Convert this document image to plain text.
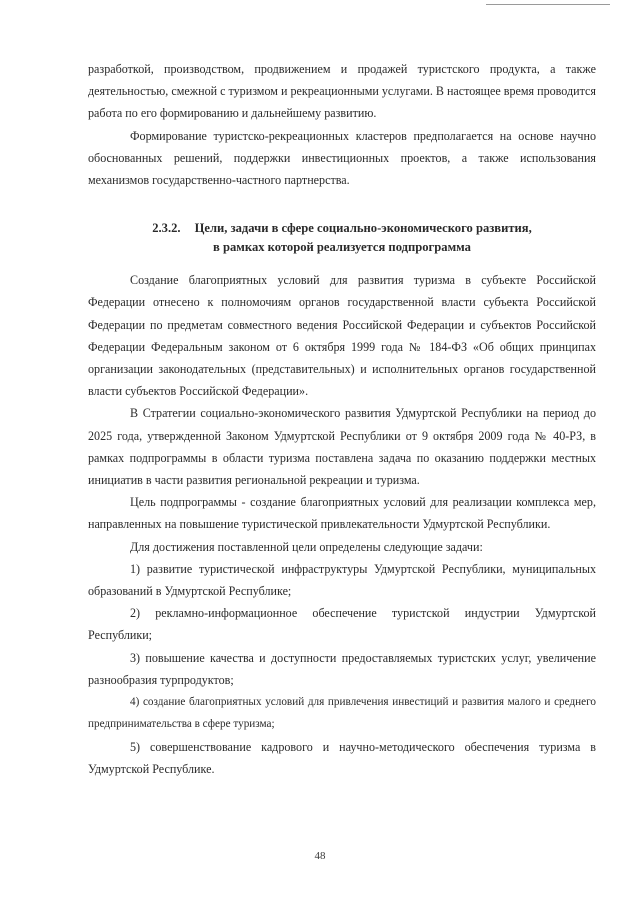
разработкой, производством, продвижением и продажей туристского продукта, а также деятельностью, смежной с туризмом и рекреационными услугами. В настоящее время проводится работа по его формированию и дальнейшему развитию.

Формирование туристско-рекреационных кластеров предполагается на основе научно обоснованных решений, поддержки инвестиционных проектов, а также использования механизмов государственно-частного партнерства.

2.3.2. Цели, задачи в сфере социально-экономического развития,
в рамках которой реализуется подпрограмма

Создание благоприятных условий для развития туризма в субъекте Российской Федерации отнесено к полномочиям органов государственной власти субъекта Российской Федерации по предметам совместного ведения Российской Федерации и субъектов Российской Федерации Федеральным законом от 6 октября 1999 года № 184-ФЗ «Об общих принципах организации законодательных (представительных) и исполнительных органов государственной власти субъектов Российской Федерации».

В Стратегии социально-экономического развития Удмуртской Республики на период до 2025 года, утвержденной Законом Удмуртской Республики от 9 октября 2009 года № 40-РЗ, в рамках подпрограммы в области туризма поставлена задача по оказанию поддержки местных инициатив в части развития региональной рекреации и туризма.

Цель подпрограммы - создание благоприятных условий для реализации комплекса мер, направленных на повышение туристической привлекательности Удмуртской Республики.

Для достижения поставленной цели определены следующие задачи:

1) развитие туристической инфраструктуры Удмуртской Республики, муниципальных образований в Удмуртской Республике;

2) рекламно-информационное обеспечение туристской индустрии Удмуртской Республики;

3) повышение качества и доступности предоставляемых туристских услуг, увеличение разнообразия турпродуктов;

4) создание благоприятных условий для привлечения инвестиций и развития малого и среднего предпринимательства в сфере туризма;

5) совершенствование кадрового и научно-методического обеспечения туризма в Удмуртской Республике.

48
